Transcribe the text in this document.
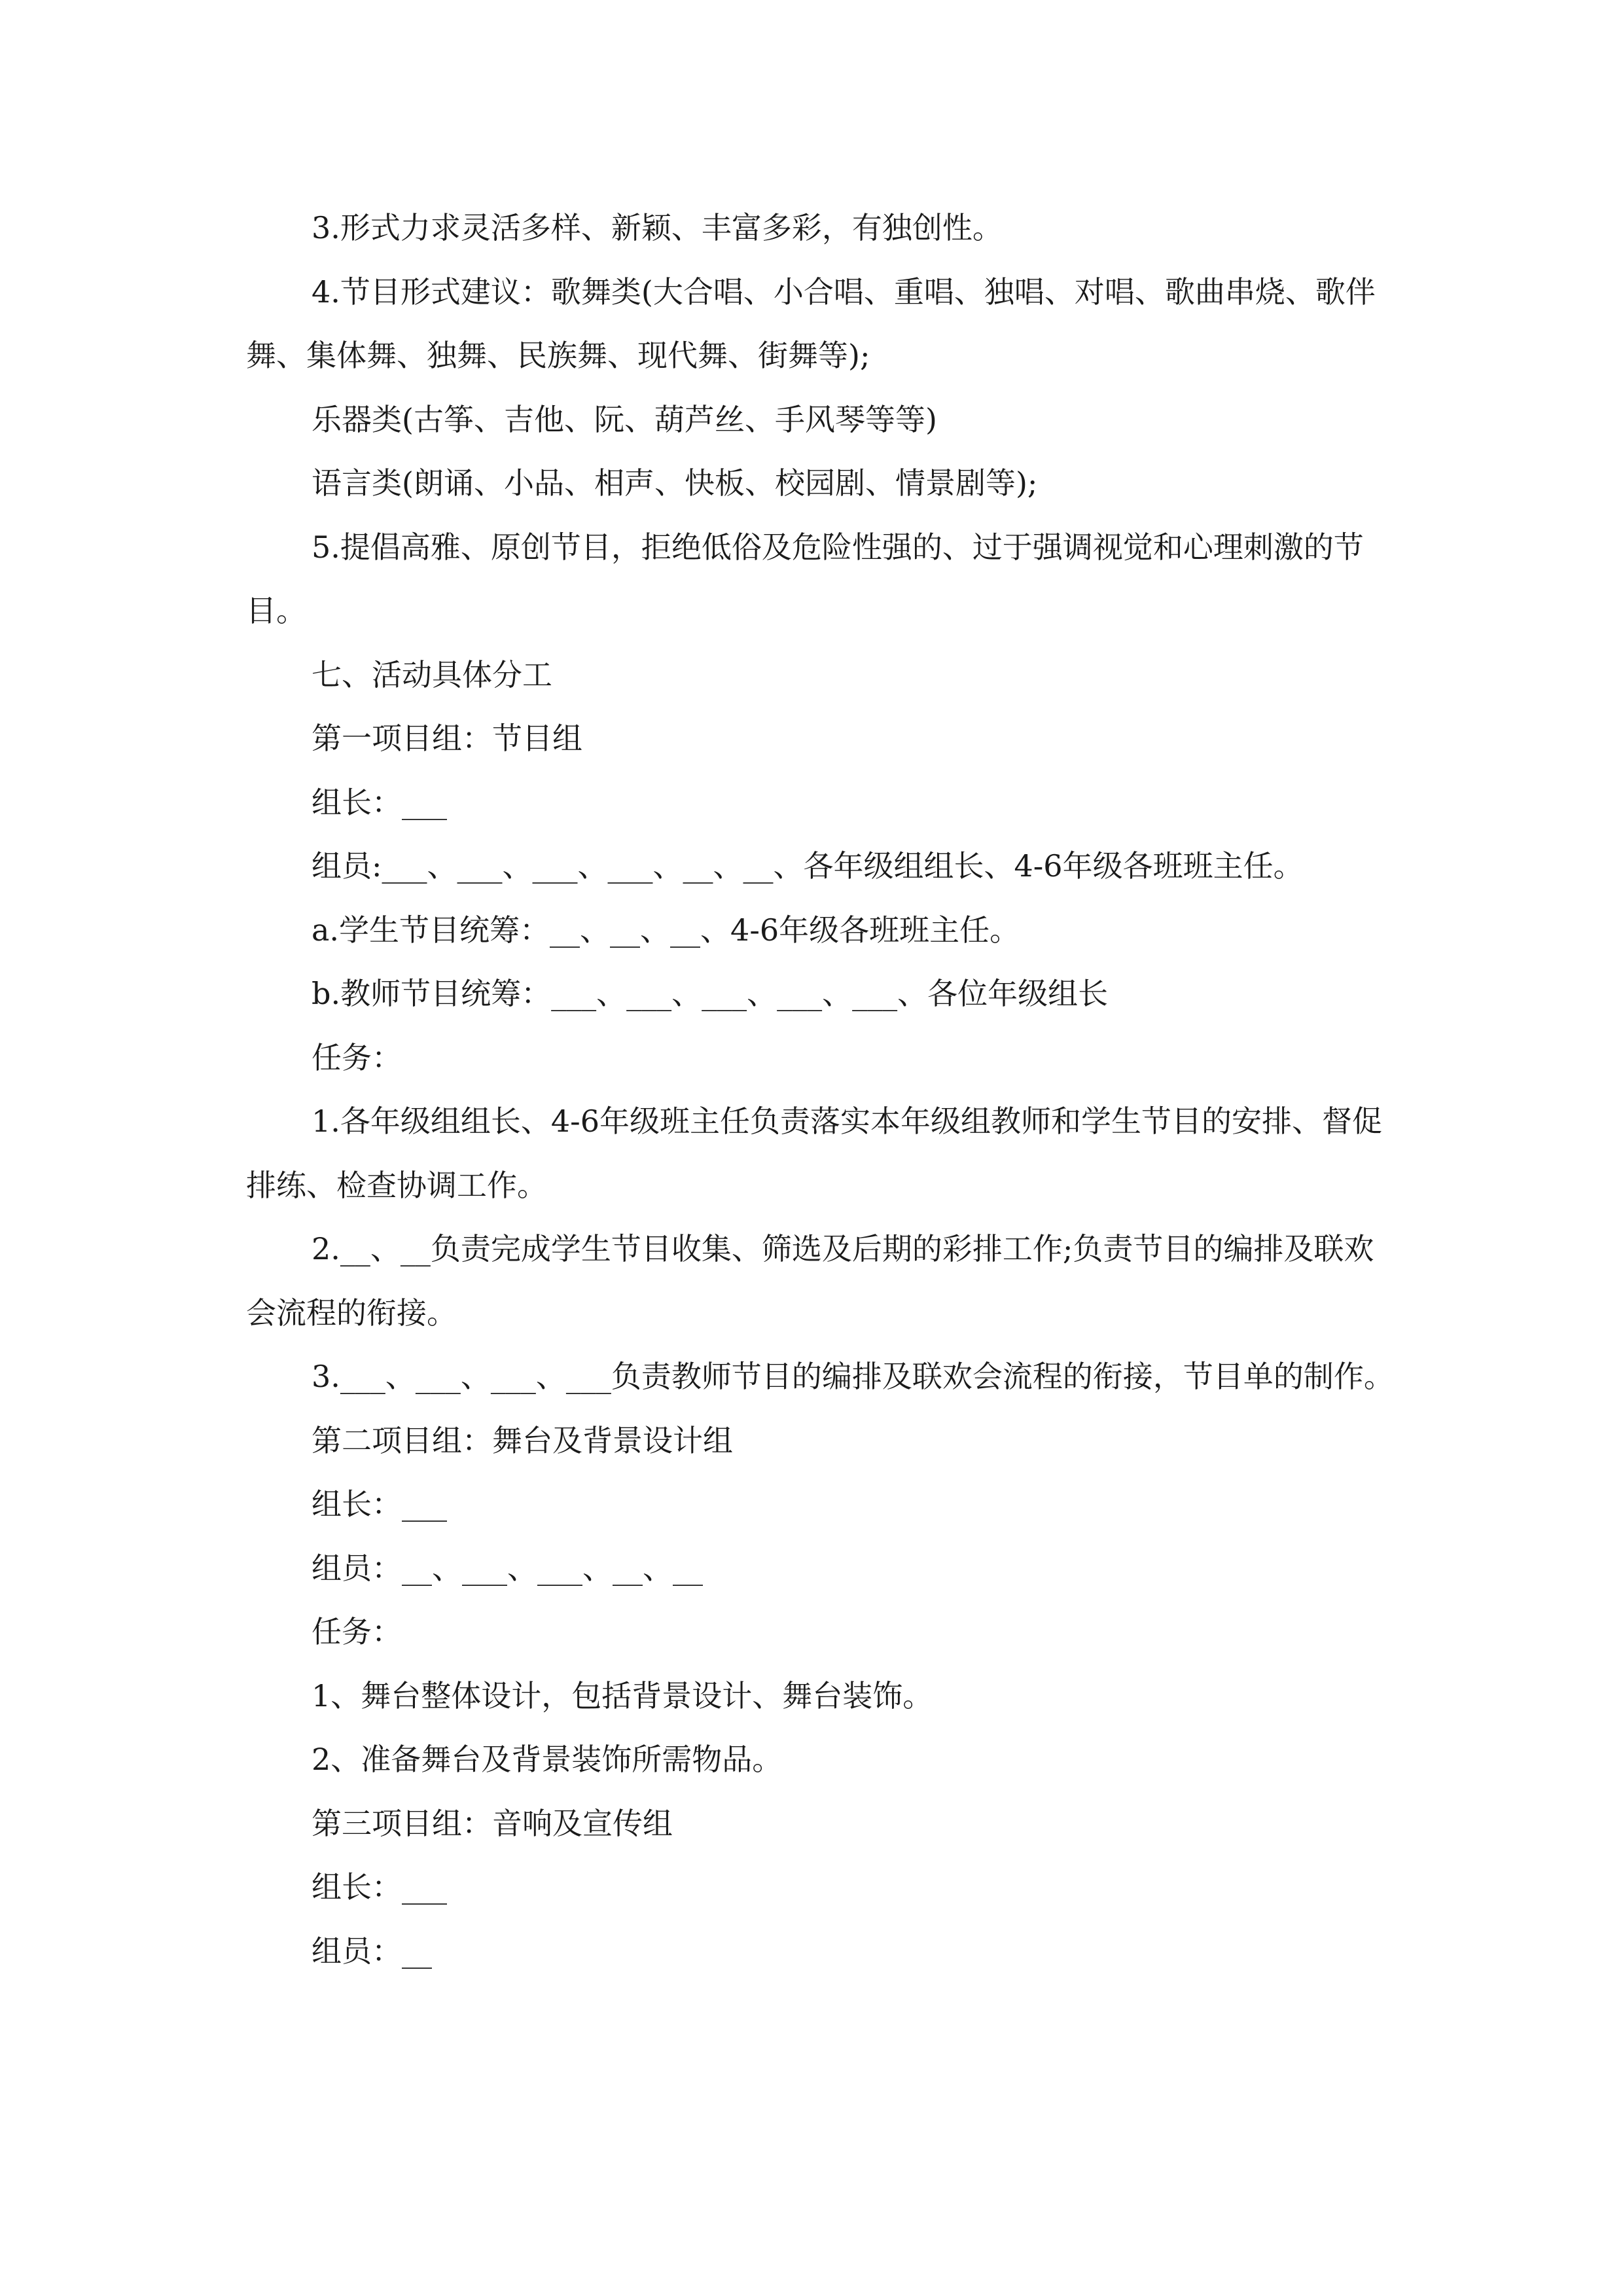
3.形式力求灵活多样、新颖、丰富多彩，有独创性。

4.节目形式建议：歌舞类(大合唱、小合唱、重唱、独唱、对唱、歌曲串烧、歌伴舞、集体舞、独舞、民族舞、现代舞、街舞等);

乐器类(古筝、吉他、阮、葫芦丝、手风琴等等)

语言类(朗诵、小品、相声、快板、校园剧、情景剧等);

5.提倡高雅、原创节目，拒绝低俗及危险性强的、过于强调视觉和心理刺激的节目。

七、活动具体分工

第一项目组：节目组

组长：___

组员:___、___、___、___、__、__、各年级组组长、4-6年级各班班主任。

a.学生节目统筹：__、__、__、4-6年级各班班主任。

b.教师节目统筹：___、___、___、___、___、各位年级组长

任务：

1.各年级组组长、4-6年级班主任负责落实本年级组教师和学生节目的安排、督促排练、检查协调工作。

2.__、__负责完成学生节目收集、筛选及后期的彩排工作;负责节目的编排及联欢会流程的衔接。

3.___、___、___、___负责教师节目的编排及联欢会流程的衔接，节目单的制作。

第二项目组：舞台及背景设计组

组长：___

组员：__、___、___、__、__

任务：

1、舞台整体设计，包括背景设计、舞台装饰。

2、准备舞台及背景装饰所需物品。

第三项目组：音响及宣传组

组长：___

组员：__
